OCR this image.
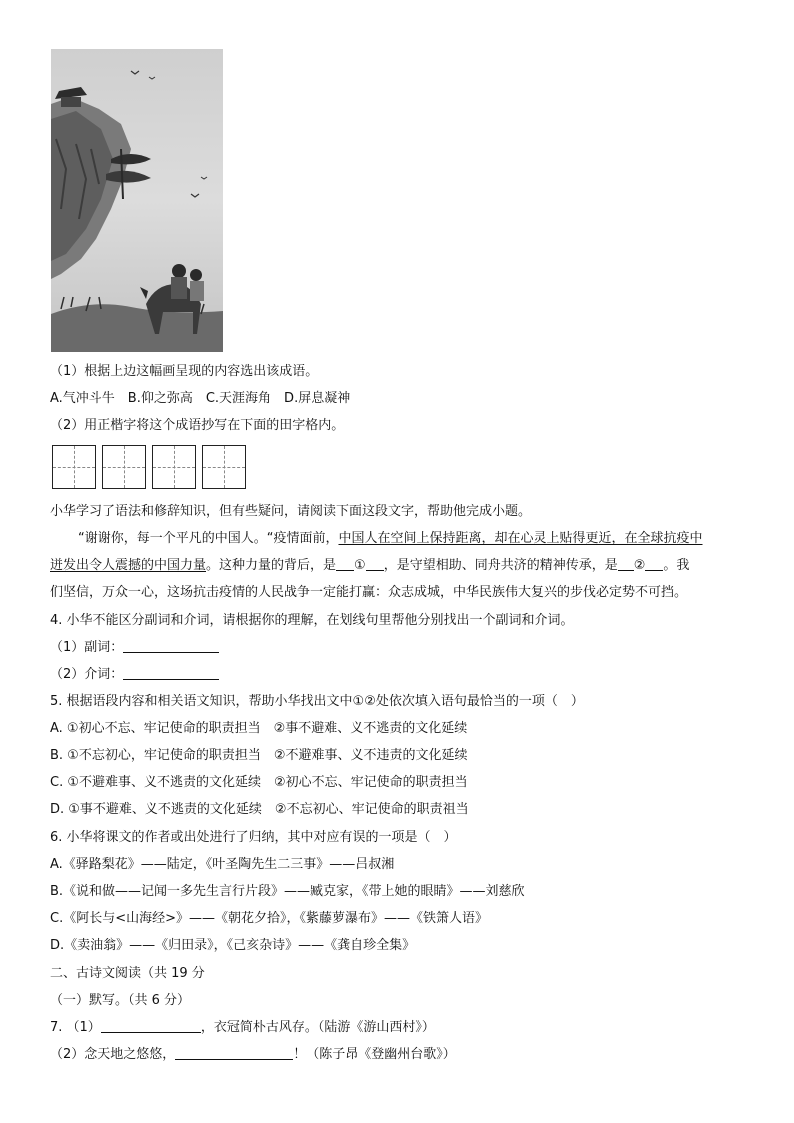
（1）根据上边这幅画呈现的内容选出该成语。
A.气冲斗牛　B.仰之弥高　C.天涯海角　D.屏息凝神
（2）用正楷字将这个成语抄写在下面的田字格内。
小华学习了语法和修辞知识，但有些疑问，请阅读下面这段文字，帮助他完成小题。
“谢谢你，每一个平凡的中国人。“疫情面前，中国人在空间上保持距离，却在心灵上贴得更近，在全球抗疫中
迸发出令人震撼的中国力量。这种力量的背后，是 ① ，是守望相助、同舟共济的精神传承，是 ② 。我
们坚信，万众一心，这场抗击疫情的人民战争一定能打赢：众志成城，中华民族伟大复兴的步伐必定势不可挡。
4. 小华不能区分副词和介词，请根据你的理解，在划线句里帮他分别找出一个副词和介词。
（1）副词：
（2）介词：
5. 根据语段内容和相关语文知识，帮助小华找出文中①②处依次填入语句最恰当的一项（　）
A. ①初心不忘、牢记使命的职责担当　②事不避难、义不逃责的文化延续
B. ①不忘初心，牢记使命的职责担当　②不避难事、义不违责的文化延续
C. ①不避难事、义不逃责的文化延续　②初心不忘、牢记使命的职责担当
D. ①事不避难、义不逃责的文化延续　②不忘初心、牢记使命的职责祖当
6. 小华将课文的作者或出处进行了归纳，其中对应有误的一项是（　）
A.《驿路梨花》——陆定，《叶圣陶先生二三事》——吕叔湘
B.《说和做——记闻一多先生言行片段》——臧克家，《带上她的眼睛》——刘慈欣
C.《阿长与<山海经>》——《朝花夕拾》，《紫藤萝瀑布》——《铁箫人语》
D.《卖油翁》——《归田录》，《己亥杂诗》——《龚自珍全集》
二、古诗文阅读（共 19 分
（一）默写。（共 6 分）
7. （1）	，衣冠简朴古风存。（陆游《游山西村》）
（2）念天地之悠悠，	！（陈子昂《登幽州台歌》）
